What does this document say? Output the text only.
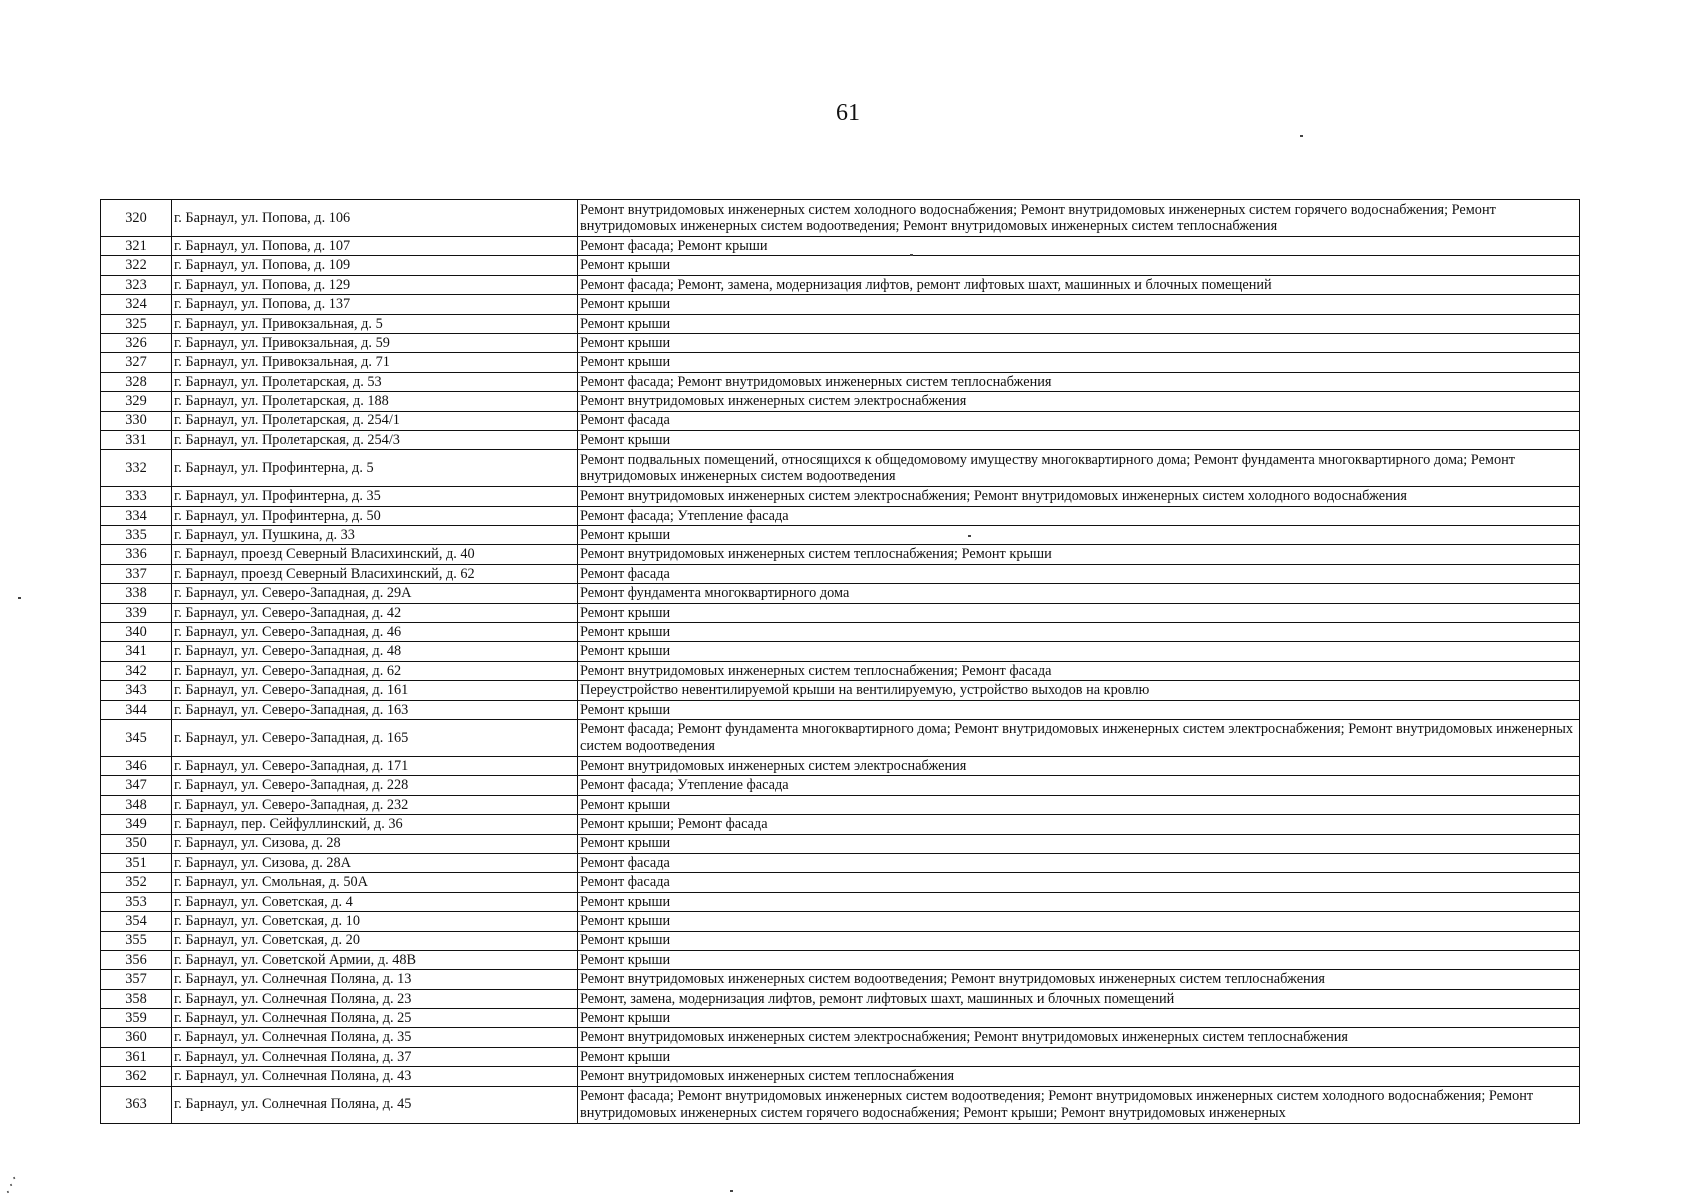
61
320	г. Барнаул, ул. Попова, д. 106	Ремонт внутридомовых инженерных систем холодного водоснабжения; Ремонт внутридомовых инженерных систем горячего водоснабжения; Ремонт внутридомовых инженерных систем водоотведения; Ремонт внутридомовых инженерных систем теплоснабжения
321	г. Барнаул, ул. Попова, д. 107	Ремонт фасада; Ремонт крыши
322	г. Барнаул, ул. Попова, д. 109	Ремонт крыши
323	г. Барнаул, ул. Попова, д. 129	Ремонт фасада; Ремонт, замена, модернизация лифтов, ремонт лифтовых шахт, машинных и блочных помещений
324	г. Барнаул, ул. Попова, д. 137	Ремонт крыши
325	г. Барнаул, ул. Привокзальная, д. 5	Ремонт крыши
326	г. Барнаул, ул. Привокзальная, д. 59	Ремонт крыши
327	г. Барнаул, ул. Привокзальная, д. 71	Ремонт крыши
328	г. Барнаул, ул. Пролетарская, д. 53	Ремонт фасада; Ремонт внутридомовых инженерных систем теплоснабжения
329	г. Барнаул, ул. Пролетарская, д. 188	Ремонт внутридомовых инженерных систем электроснабжения
330	г. Барнаул, ул. Пролетарская, д. 254/1	Ремонт фасада
331	г. Барнаул, ул. Пролетарская, д. 254/3	Ремонт крыши
332	г. Барнаул, ул. Профинтерна, д. 5	Ремонт подвальных помещений, относящихся к общедомовому имуществу многоквартирного дома; Ремонт фундамента многоквартирного дома; Ремонт внутридомовых инженерных систем водоотведения
333	г. Барнаул, ул. Профинтерна, д. 35	Ремонт внутридомовых инженерных систем электроснабжения; Ремонт внутридомовых инженерных систем холодного водоснабжения
334	г. Барнаул, ул. Профинтерна, д. 50	Ремонт фасада; Утепление фасада
335	г. Барнаул, ул. Пушкина, д. 33	Ремонт крыши
336	г. Барнаул, проезд Северный Власихинский, д. 40	Ремонт внутридомовых инженерных систем теплоснабжения; Ремонт крыши
337	г. Барнаул, проезд Северный Власихинский, д. 62	Ремонт фасада
338	г. Барнаул, ул. Северо-Западная, д. 29А	Ремонт фундамента многоквартирного дома
339	г. Барнаул, ул. Северо-Западная, д. 42	Ремонт крыши
340	г. Барнаул, ул. Северо-Западная, д. 46	Ремонт крыши
341	г. Барнаул, ул. Северо-Западная, д. 48	Ремонт крыши
342	г. Барнаул, ул. Северо-Западная, д. 62	Ремонт внутридомовых инженерных систем теплоснабжения; Ремонт фасада
343	г. Барнаул, ул. Северо-Западная, д. 161	Переустройство невентилируемой крыши на вентилируемую, устройство выходов на кровлю
344	г. Барнаул, ул. Северо-Западная, д. 163	Ремонт крыши
345	г. Барнаул, ул. Северо-Западная, д. 165	Ремонт фасада; Ремонт фундамента многоквартирного дома; Ремонт внутридомовых инженерных систем электроснабжения; Ремонт внутридомовых инженерных систем водоотведения
346	г. Барнаул, ул. Северо-Западная, д. 171	Ремонт внутридомовых инженерных систем электроснабжения
347	г. Барнаул, ул. Северо-Западная, д. 228	Ремонт фасада; Утепление фасада
348	г. Барнаул, ул. Северо-Западная, д. 232	Ремонт крыши
349	г. Барнаул, пер. Сейфуллинский, д. 36	Ремонт крыши; Ремонт фасада
350	г. Барнаул, ул. Сизова, д. 28	Ремонт крыши
351	г. Барнаул, ул. Сизова, д. 28А	Ремонт фасада
352	г. Барнаул, ул. Смольная, д. 50А	Ремонт фасада
353	г. Барнаул, ул. Советская, д. 4	Ремонт крыши
354	г. Барнаул, ул. Советская, д. 10	Ремонт крыши
355	г. Барнаул, ул. Советская, д. 20	Ремонт крыши
356	г. Барнаул, ул. Советской Армии, д. 48В	Ремонт крыши
357	г. Барнаул, ул. Солнечная Поляна, д. 13	Ремонт внутридомовых инженерных систем водоотведения; Ремонт внутридомовых инженерных систем теплоснабжения
358	г. Барнаул, ул. Солнечная Поляна, д. 23	Ремонт, замена, модернизация лифтов, ремонт лифтовых шахт, машинных и блочных помещений
359	г. Барнаул, ул. Солнечная Поляна, д. 25	Ремонт крыши
360	г. Барнаул, ул. Солнечная Поляна, д. 35	Ремонт внутридомовых инженерных систем электроснабжения; Ремонт внутридомовых инженерных систем теплоснабжения
361	г. Барнаул, ул. Солнечная Поляна, д. 37	Ремонт крыши
362	г. Барнаул, ул. Солнечная Поляна, д. 43	Ремонт внутридомовых инженерных систем теплоснабжения
363	г. Барнаул, ул. Солнечная Поляна, д. 45	Ремонт фасада; Ремонт внутридомовых инженерных систем водоотведения; Ремонт внутридомовых инженерных систем холодного водоснабжения; Ремонт внутридомовых инженерных систем горячего водоснабжения; Ремонт крыши; Ремонт внутридомовых инженерных
⋰
